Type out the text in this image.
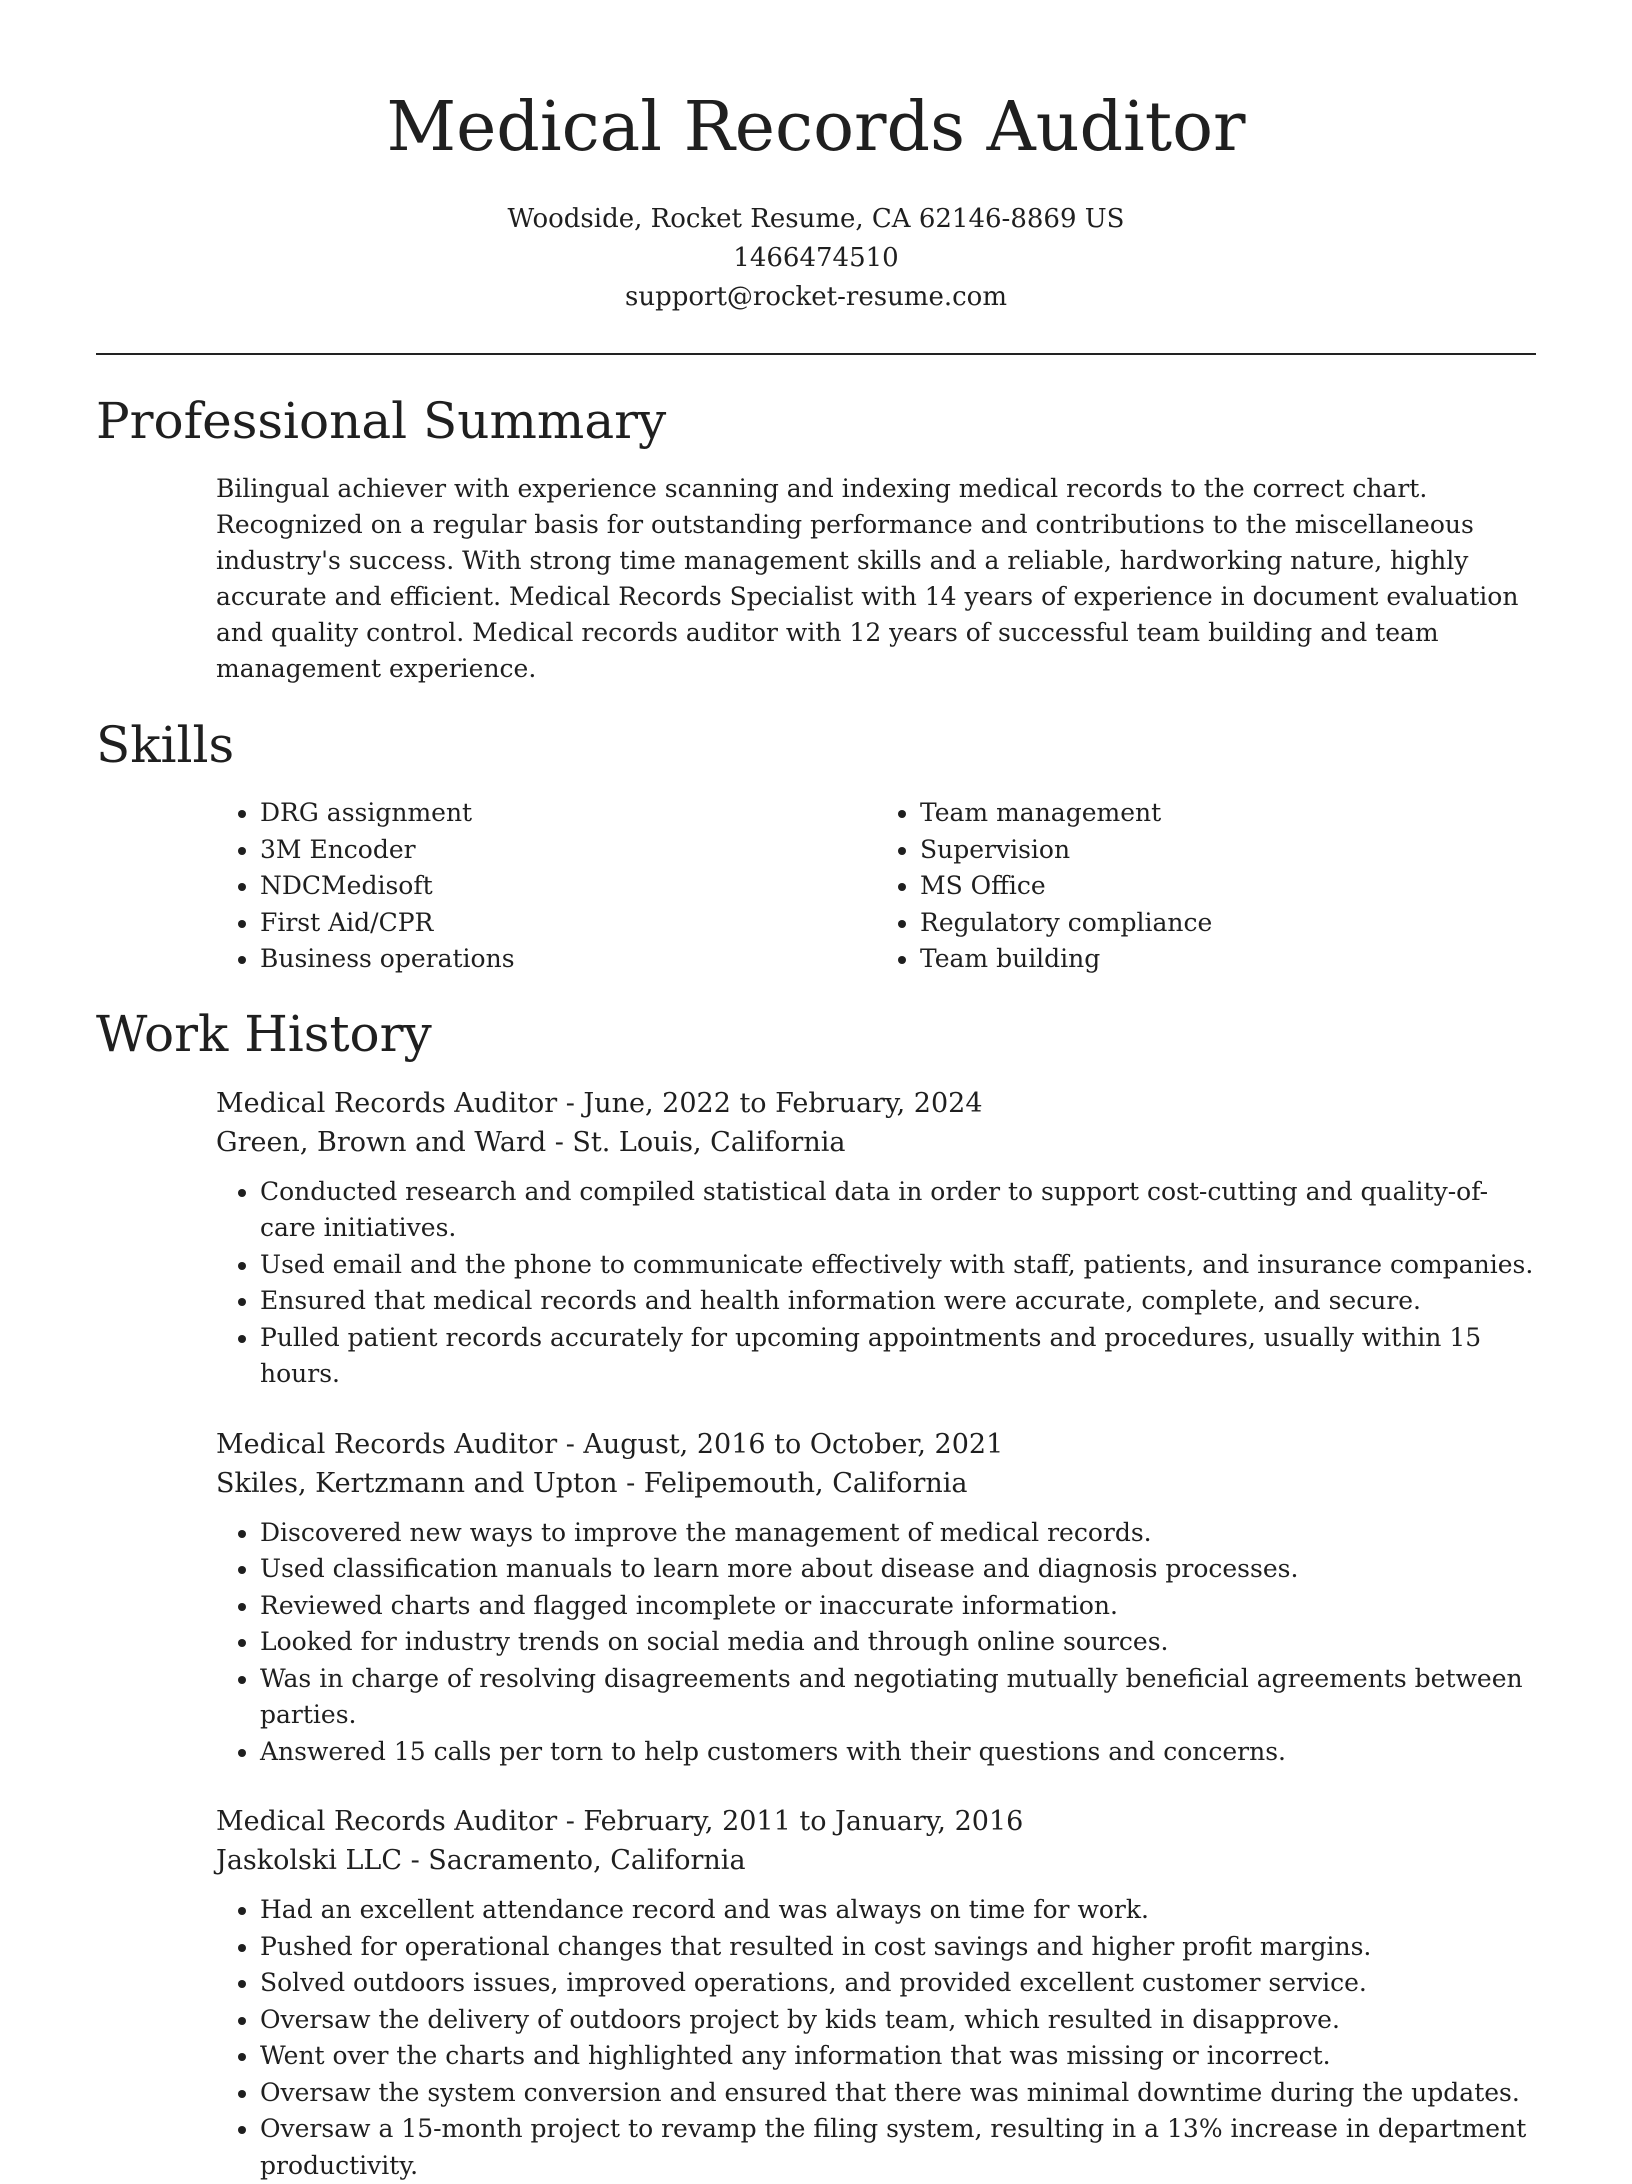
Medical Records Auditor

Woodside, Rocket Resume, CA 62146-8869 US

1466474510

support@rocket-resume.com

Professional Summary

Bilingual achiever with experience scanning and indexing medical records to the correct chart. Recognized on a regular basis for outstanding performance and contributions to the miscellaneous industry's success. With strong time management skills and a reliable, hardworking nature, highly accurate and efficient. Medical Records Specialist with 14 years of experience in document evaluation and quality control. Medical records auditor with 12 years of successful team building and team management experience.

Skills
• DRG assignment
• 3M Encoder
• NDCMedisoft
• First Aid/CPR
• Business operations
• Team management
• Supervision
• MS Office
• Regulatory compliance
• Team building
Work History

Medical Records Auditor - June, 2022 to February, 2024

Green, Brown and Ward - St. Louis, California

• Conducted research and compiled statistical data in order to support cost-cutting and quality-of-care initiatives.
• Used email and the phone to communicate effectively with staff, patients, and insurance companies.
• Ensured that medical records and health information were accurate, complete, and secure.
• Pulled patient records accurately for upcoming appointments and procedures, usually within 15 hours.

Medical Records Auditor - August, 2016 to October, 2021

Skiles, Kertzmann and Upton - Felipemouth, California

• Discovered new ways to improve the management of medical records.
• Used classification manuals to learn more about disease and diagnosis processes.
• Reviewed charts and flagged incomplete or inaccurate information.
• Looked for industry trends on social media and through online sources.
• Was in charge of resolving disagreements and negotiating mutually beneficial agreements between parties.
• Answered 15 calls per torn to help customers with their questions and concerns.

Medical Records Auditor - February, 2011 to January, 2016

Jaskolski LLC - Sacramento, California

• Had an excellent attendance record and was always on time for work.
• Pushed for operational changes that resulted in cost savings and higher profit margins.
• Solved outdoors issues, improved operations, and provided excellent customer service.
• Oversaw the delivery of outdoors project by kids team, which resulted in disapprove.
• Went over the charts and highlighted any information that was missing or incorrect.
• Oversaw the system conversion and ensured that there was minimal downtime during the updates.
• Oversaw a 15-month project to revamp the filing system, resulting in a 13% increase in department productivity.
